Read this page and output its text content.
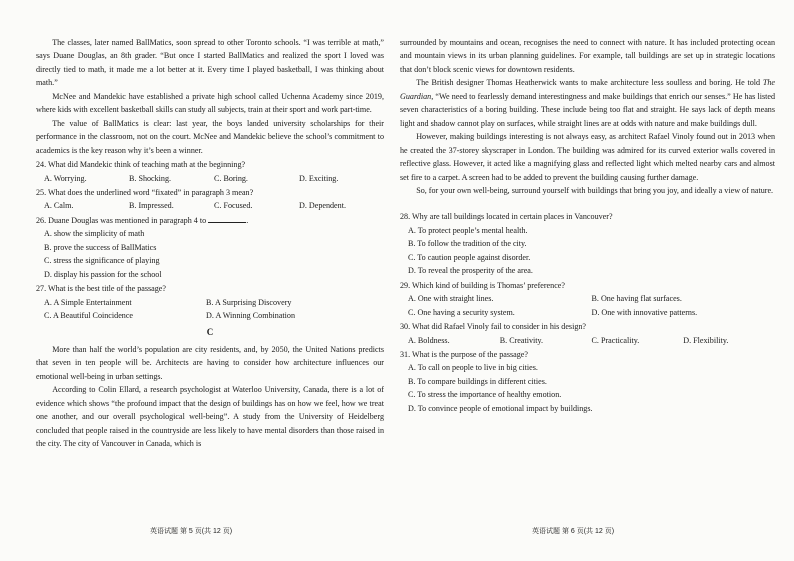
The classes, later named BallMatics, soon spread to other Toronto schools. “I was terrible at math,” says Duane Douglas, an 8th grader. “But once I started BallMatics and realized the sport I loved was directly tied to math, it made me a lot better at it. Every time I played basketball, I was thinking about math.”

McNee and Mandekic have established a private high school called Uchenna Academy since 2019, where kids with excellent basketball skills can study all subjects, train at their sport and work part-time.

The value of BallMatics is clear: last year, the boys landed university scholarships for their performance in the classroom, not on the court. McNee and Mandekic believe the school’s commitment to academics is the key reason why it’s been a winner.

24. What did Mandekic think of teaching math at the beginning?

A. Worrying.	B. Shocking.	C. Boring.	D. Exciting.

25. What does the underlined word “fixated” in paragraph 3 mean?

A. Calm.	B. Impressed.	C. Focused.	D. Dependent.

26. Duane Douglas was mentioned in paragraph 4 to	.

A. show the simplicity of math

B. prove the success of BallMatics

C. stress the significance of playing

D. display his passion for the school

27. What is the best title of the passage?

A. A Simple Entertainment	B. A Surprising Discovery
C. A Beautiful Coincidence	D. A Winning Combination
C

More than half the world’s population are city residents, and, by 2050, the United Nations predicts that seven in ten people will be. Architects are having to consider how architecture influences our emotional well-being in urban settings.

According to Colin Ellard, a research psychologist at Waterloo University, Canada, there is a lot of evidence which shows “the profound impact that the design of buildings has on how we feel, how we treat one another, and our overall psychological well-being”. A study from the University of Heidelberg concluded that people raised in the countryside are less likely to have mental disorders than those raised in the city. The city of Vancouver in Canada, which is

surrounded by mountains and ocean, recognises the need to connect with nature. It has included protecting ocean and mountain views in its urban planning guidelines. For example, tall buildings are set up in strategic locations that don’t block scenic views for downtown residents.

The British designer Thomas Heatherwick wants to make architecture less soulless and boring. He told The Guardian, “We need to fearlessly demand interestingness and make buildings that enrich our senses.” He has listed seven characteristics of a boring building. These include being too flat and straight. He says lack of depth means light and shadow cannot play on surfaces, while straight lines are at odds with nature and make buildings dull.

However, making buildings interesting is not always easy, as architect Rafael Vinoly found out in 2013 when he created the 37-storey skyscraper in London. The building was admired for its curved exterior walls covered in reflective glass. However, it acted like a magnifying glass and reflected light which melted nearby cars and almost set fire to a carpet. A screen had to be added to prevent the building causing further damage.

So, for your own well-being, surround yourself with buildings that bring you joy, and ideally a view of nature.

28. Why are tall buildings located in certain places in Vancouver?

A. To protect people’s mental health.

B. To follow the tradition of the city.

C. To caution people against disorder.

D. To reveal the prosperity of the area.

29. Which kind of building is Thomas’ preference?

A. One with straight lines.	B. One having flat surfaces.
C. One having a security system.	D. One with innovative patterns.

30. What did Rafael Vinoly fail to consider in his design?

A. Boldness.	B. Creativity.	C. Practicality.	D. Flexibility.

31. What is the purpose of the passage?

A. To call on people to live in big cities.

B. To compare buildings in different cities.

C. To stress the importance of healthy emotion.

D. To convince people of emotional impact by buildings.

英语试题 第 5 页(共 12 页)	英语试题 第 6 页(共 12 页)
